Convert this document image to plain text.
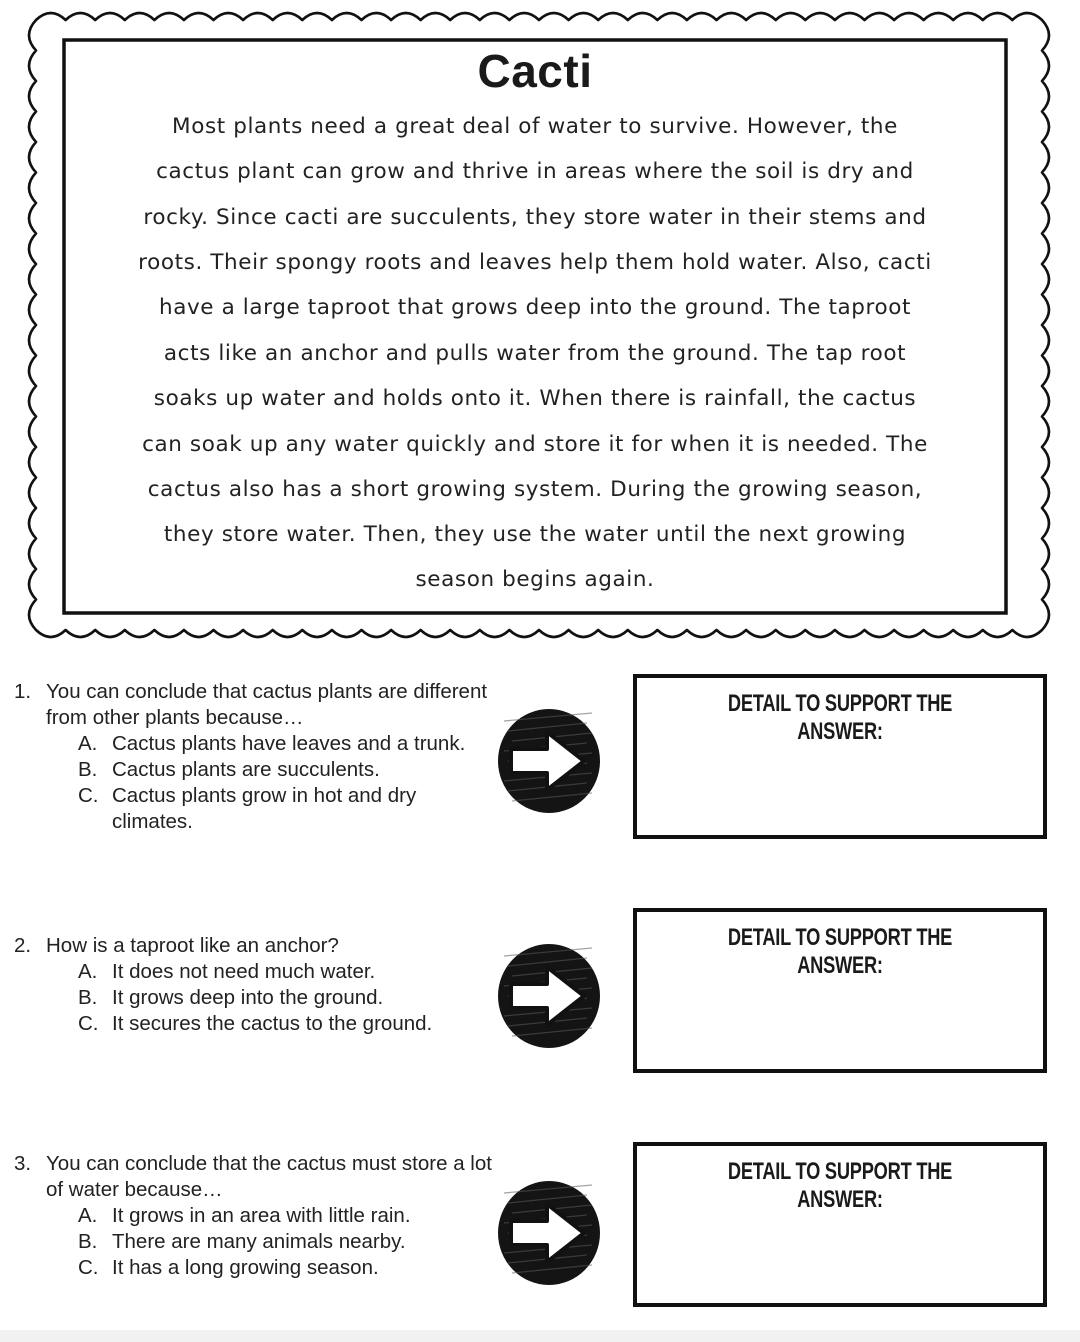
Cacti
Most plants need a great deal of water to survive. However, the
cactus plant can grow and thrive in areas where the soil is dry and
rocky. Since cacti are succulents, they store water in their stems and
roots. Their spongy roots and leaves help them hold water. Also, cacti
have a large taproot that grows deep into the ground. The taproot
acts like an anchor and pulls water from the ground. The tap root
soaks up water and holds onto it. When there is rainfall, the cactus
can soak up any water quickly and store it for when it is needed. The
cactus also has a short growing system. During the growing season,
they store water. Then, they use the water until the next growing
season begins again.
1. You can conclude that cactus plants are different from other plants because…
A. Cactus plants have leaves and a trunk.
B. Cactus plants are succulents.
C. Cactus plants grow in hot and dry climates.
DETAIL TO SUPPORT THE ANSWER:
2. How is a taproot like an anchor?
A. It does not need much water.
B. It grows deep into the ground.
C. It secures the cactus to the ground.
DETAIL TO SUPPORT THE ANSWER:
3. You can conclude that the cactus must store a lot of water because…
A. It grows in an area with little rain.
B. There are many animals nearby.
C. It has a long growing season.
DETAIL TO SUPPORT THE ANSWER:
